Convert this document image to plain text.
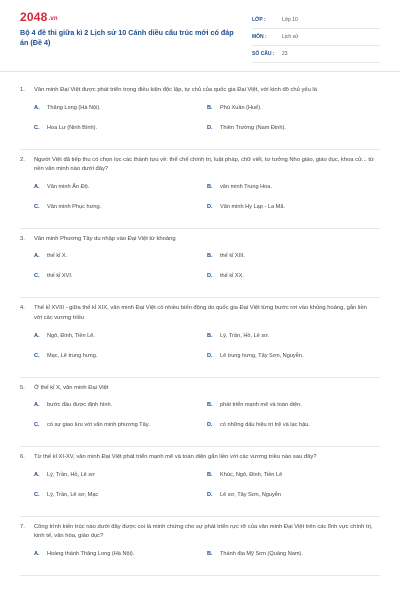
2048.vn
Bộ 4 đề thi giữa kì 2 Lịch sử 10 Cánh diều cấu trúc mới có đáp án (Đề 4)
LỚP :	Lớp 10
MÔN :	Lịch sử
SỐ CÂU :	23
1.	Văn minh Đại Việt được phát triển trong điều kiện độc lập, tự chủ của quốc gia Đại Việt, với kinh đô chủ yếu là
A.	Thăng Long (Hà Nội).	B.	Phú Xuân (Huế).
C.	Hoa Lư (Ninh Bình).	D.	Thiên Trường (Nam Định).
2.	Người Việt đã tiếp thu có chọn lọc các thành tựu về: thể chế chính trị, luật pháp, chữ viết, tư tưởng Nho giáo, giáo dục, khoa cử... từ nền văn minh nào dưới đây?
A.	Văn minh Ấn Độ.	B.	văn minh Trung Hoa.
C.	Văn minh Phục hưng.	D.	Văn minh Hy Lạp - La Mã.
3.	Văn minh Phương Tây du nhập vào Đại Việt từ khoảng
A.	thế kỉ X.	B.	thế kỉ XIII.
C.	thế kỉ XVI.	D.	thế kỉ XX.
4.	Thế kỉ XVIII - giữa thế kỉ XIX, văn minh Đại Việt có nhiều biến động do quốc gia Đại Việt từng bước rơi vào khủng hoảng, gắn liền với các vương triều
A.	Ngô, Đinh, Tiền Lê.	B.	Lý, Trần, Hồ, Lê sơ.
C.	Mạc, Lê trung hưng.	D.	Lê trung hưng, Tây Sơn, Nguyễn.
5.	Ở thế kỉ X, văn minh Đại Việt
A.	bước đầu được định hình.	B.	phát triển mạnh mẽ và toàn diện.
C.	có sự giao lưu với văn minh phương Tây.	D.	có những dấu hiệu trì trệ và lạc hậu.
6.	Từ thế kỉ XI-XV, văn minh Đại Việt phát triển mạnh mẽ và toàn diện gắn liền với các vương triều nào sau đây?
A.	Lý, Trần, Hồ, Lê sơ	B.	Khúc, Ngô, Đinh, Tiền Lê
C.	Lý, Trần, Lê sơ, Mạc	D.	Lê sơ, Tây Sơn, Nguyễn
7.	Công trình kiến trúc nào dưới đây được coi là minh chứng cho sự phát triển rực rỡ của văn minh Đại Việt trên các lĩnh vực chính trị, kinh tế, văn hóa, giáo dục?
A.	Hoàng thành Thăng Long (Hà Nội).	B.	Thánh địa Mỹ Sơn (Quảng Nam).
